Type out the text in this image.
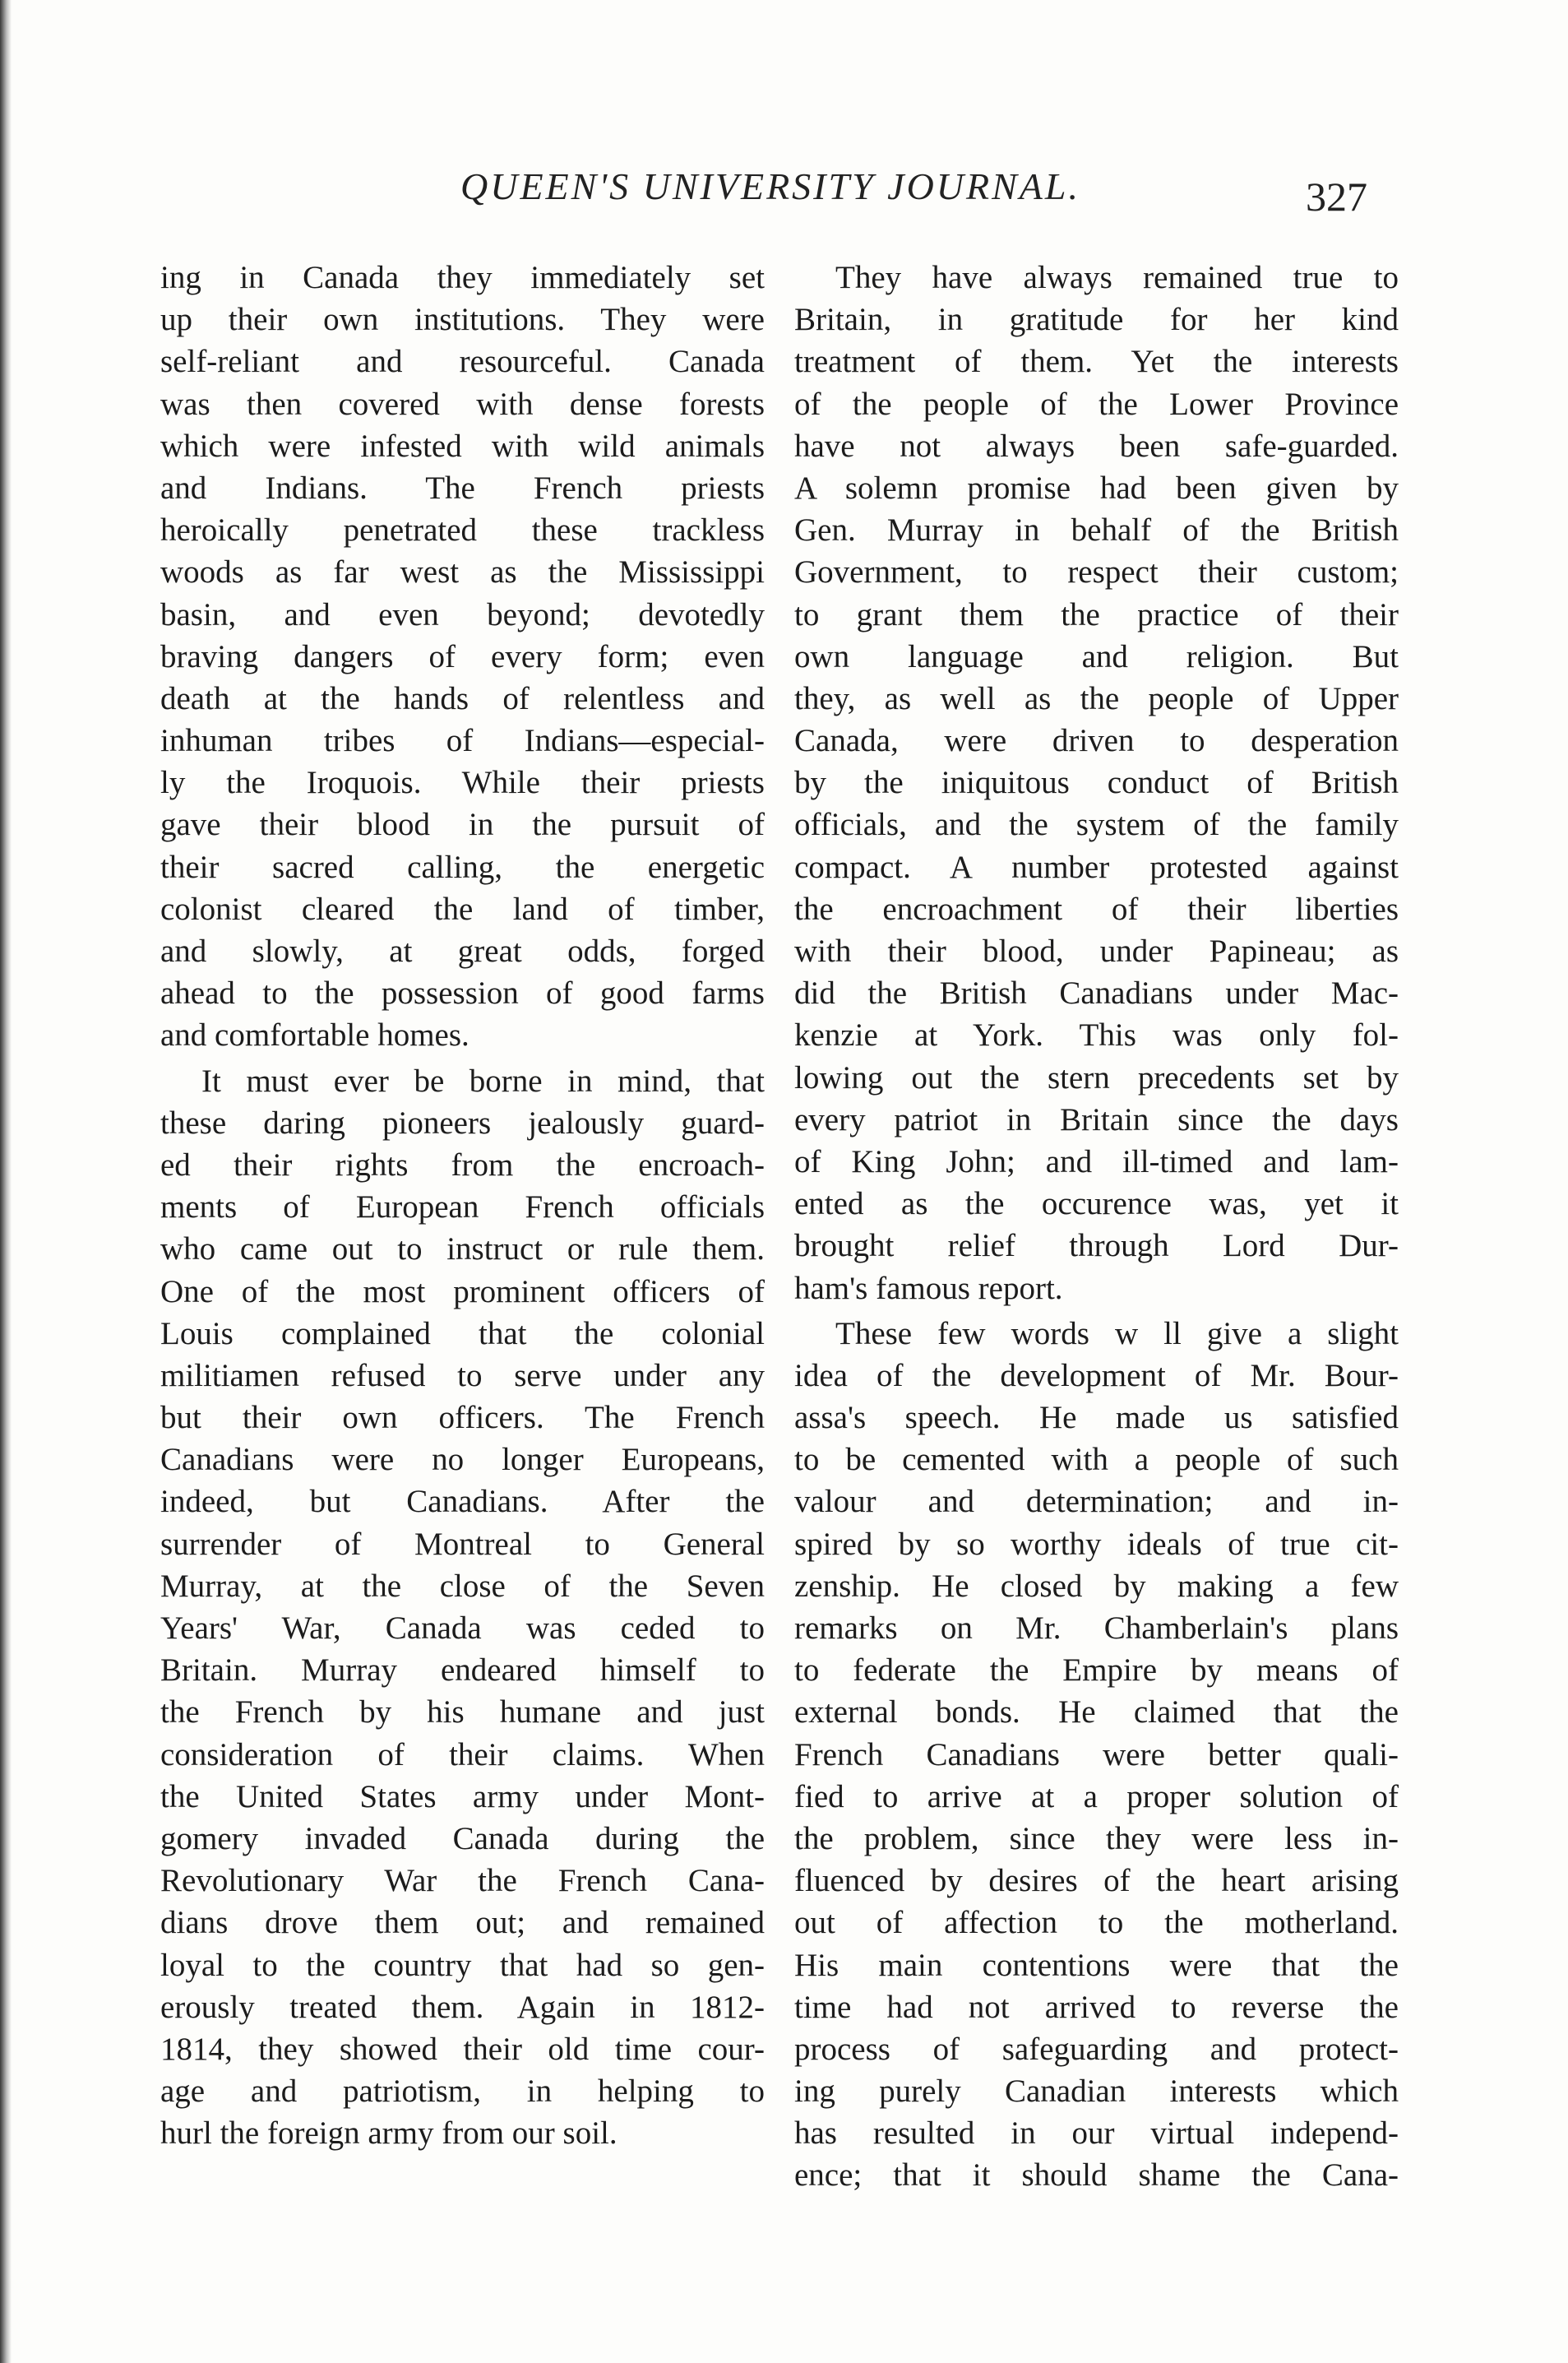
QUEEN'S UNIVERSITY JOURNAL.	327
ing in Canada they immediately set
up their own institutions. They were
self-reliant and resourceful. Canada
was then covered with dense forests
which were infested with wild animals
and Indians. The French priests
heroically penetrated these trackless
woods as far west as the Mississippi
basin, and even beyond; devotedly
braving dangers of every form; even
death at the hands of relentless and
inhuman tribes of Indians—especial-
ly the Iroquois. While their priests
gave their blood in the pursuit of
their sacred calling, the energetic
colonist cleared the land of timber,
and slowly, at great odds, forged
ahead to the possession of good farms
and comfortable homes.
It must ever be borne in mind, that
these daring pioneers jealously guard-
ed their rights from the encroach-
ments of European French officials
who came out to instruct or rule them.
One of the most prominent officers of
Louis complained that the colonial
militiamen refused to serve under any
but their own officers. The French
Canadians were no longer Europeans,
indeed, but Canadians. After the
surrender of Montreal to General
Murray, at the close of the Seven
Years' War, Canada was ceded to
Britain. Murray endeared himself to
the French by his humane and just
consideration of their claims. When
the United States army under Mont-
gomery invaded Canada during the
Revolutionary War the French Cana-
dians drove them out; and remained
loyal to the country that had so gen-
erously treated them. Again in 1812-
1814, they showed their old time cour-
age and patriotism, in helping to
hurl the foreign army from our soil.
They have always remained true to
Britain, in gratitude for her kind
treatment of them. Yet the interests
of the people of the Lower Province
have not always been safe-guarded.
A solemn promise had been given by
Gen. Murray in behalf of the British
Government, to respect their custom;
to grant them the practice of their
own language and religion. But
they, as well as the people of Upper
Canada, were driven to desperation
by the iniquitous conduct of British
officials, and the system of the family
compact. A number protested against
the encroachment of their liberties
with their blood, under Papineau; as
did the British Canadians under Mac-
kenzie at York. This was only fol-
lowing out the stern precedents set by
every patriot in Britain since the days
of King John; and ill-timed and lam-
ented as the occurence was, yet it
brought relief through Lord Dur-
ham's famous report.
These few words w ll give a slight
idea of the development of Mr. Bour-
assa's speech. He made us satisfied
to be cemented with a people of such
valour and determination; and in-
spired by so worthy ideals of true cit-
zenship. He closed by making a few
remarks on Mr. Chamberlain's plans
to federate the Empire by means of
external bonds. He claimed that the
French Canadians were better quali-
fied to arrive at a proper solution of
the problem, since they were less in-
fluenced by desires of the heart arising
out of affection to the motherland.
His main contentions were that the
time had not arrived to reverse the
process of safeguarding and protect-
ing purely Canadian interests which
has resulted in our virtual independ-
ence; that it should shame the Cana-
